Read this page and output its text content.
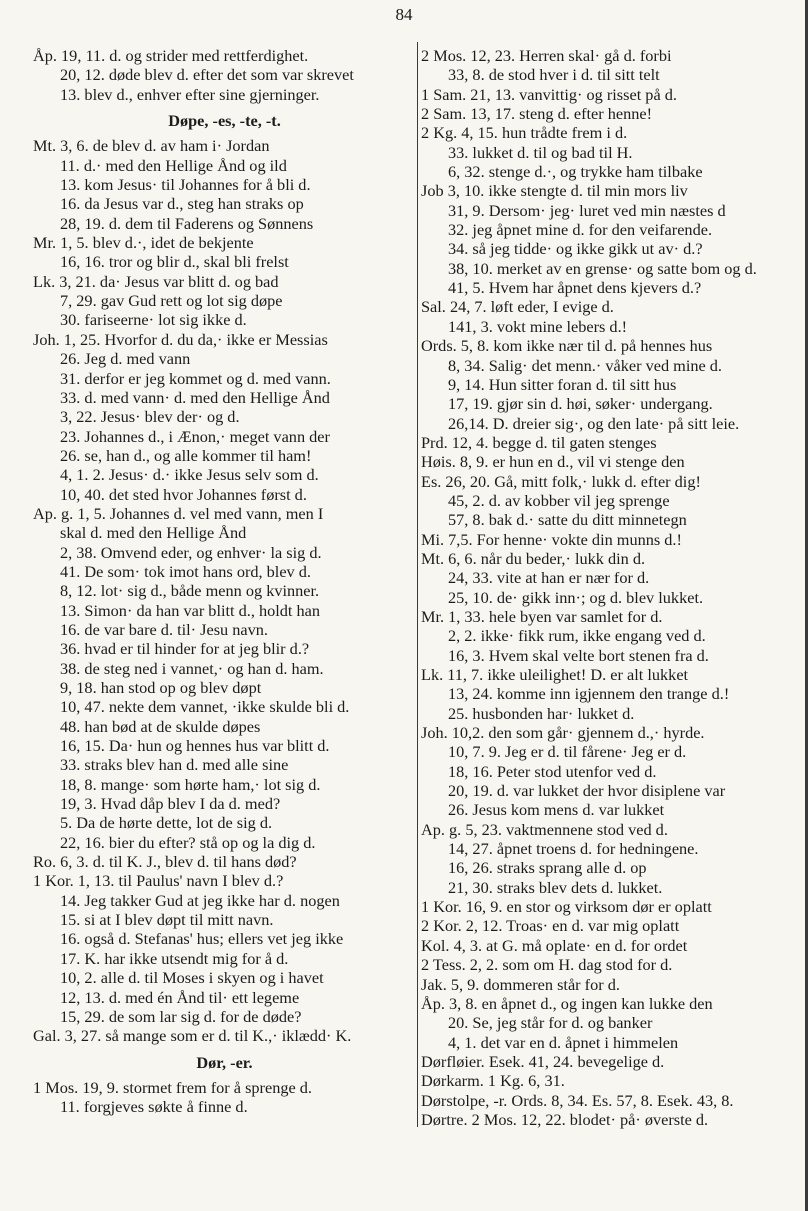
84
Åp. 19, 11. d. og strider med rettferdighet.
20, 12. døde blev d. efter det som var skrevet
13. blev d., enhver efter sine gjerninger.
Døpe, -es, -te, -t.
Mt. 3, 6. de blev d. av ham i· Jordan
11. d.· med den Hellige Ånd og ild
13. kom Jesus· til Johannes for å bli d.
16. da Jesus var d., steg han straks op
28, 19. d. dem til Faderens og Sønnens
Mr. 1, 5. blev d.·, idet de bekjente
16, 16. tror og blir d., skal bli frelst
Lk. 3, 21. da· Jesus var blitt d. og bad
7, 29. gav Gud rett og lot sig døpe
30. fariseerne· lot sig ikke d.
Joh. 1, 25. Hvorfor d. du da,· ikke er Messias
26. Jeg d. med vann
31. derfor er jeg kommet og d. med vann.
33. d. med vann· d. med den Hellige Ånd
3, 22. Jesus· blev der· og d.
23. Johannes d., i Ænon,· meget vann der
26. se, han d., og alle kommer til ham!
4, 1. 2. Jesus· d.· ikke Jesus selv som d.
10, 40. det sted hvor Johannes først d.
Ap. g. 1, 5. Johannes d. vel med vann, men I
skal d. med den Hellige Ånd
2, 38. Omvend eder, og enhver· la sig d.
41. De som· tok imot hans ord, blev d.
8, 12. lot· sig d., både menn og kvinner.
13. Simon· da han var blitt d., holdt han
16. de var bare d. til· Jesu navn.
36. hvad er til hinder for at jeg blir d.?
38. de steg ned i vannet,· og han d. ham.
9, 18. han stod op og blev døpt
10, 47. nekte dem vannet, ·ikke skulde bli d.
48. han bød at de skulde døpes
16, 15. Da· hun og hennes hus var blitt d.
33. straks blev han d. med alle sine
18, 8. mange· som hørte ham,· lot sig d.
19, 3. Hvad dåp blev I da d. med?
5. Da de hørte dette, lot de sig d.
22, 16. bier du efter? stå op og la dig d.
Ro. 6, 3. d. til K. J., blev d. til hans død?
1 Kor. 1, 13. til Paulus' navn I blev d.?
14. Jeg takker Gud at jeg ikke har d. nogen
15. si at I blev døpt til mitt navn.
16. også d. Stefanas' hus; ellers vet jeg ikke
17. K. har ikke utsendt mig for å d.
10, 2. alle d. til Moses i skyen og i havet
12, 13. d. med én Ånd til· ett legeme
15, 29. de som lar sig d. for de døde?
Gal. 3, 27. så mange som er d. til K.,· iklædd· K.
Dør, -er.
1 Mos. 19, 9. stormet frem for å sprenge d.
11. forgjeves søkte å finne d.
2 Mos. 12, 23. Herren skal· gå d. forbi
33, 8. de stod hver i d. til sitt telt
1 Sam. 21, 13. vanvittig· og risset på d.
2 Sam. 13, 17. steng d. efter henne!
2 Kg. 4, 15. hun trådte frem i d.
33. lukket d. til og bad til H.
6, 32. stenge d.·, og trykke ham tilbake
Job 3, 10. ikke stengte d. til min mors liv
31, 9. Dersom· jeg· luret ved min næstes d
32. jeg åpnet mine d. for den veifarende.
34. så jeg tidde· og ikke gikk ut av· d.?
38, 10. merket av en grense· og satte bom og d.
41, 5. Hvem har åpnet dens kjevers d.?
Sal. 24, 7. løft eder, I evige d.
141, 3. vokt mine lebers d.!
Ords. 5, 8. kom ikke nær til d. på hennes hus
8, 34. Salig· det menn.· våker ved mine d.
9, 14. Hun sitter foran d. til sitt hus
17, 19. gjør sin d. høi, søker· undergang.
26,14. D. dreier sig·, og den late· på sitt leie.
Prd. 12, 4. begge d. til gaten stenges
Høis. 8, 9. er hun en d., vil vi stenge den
Es. 26, 20. Gå, mitt folk,· lukk d. efter dig!
45, 2. d. av kobber vil jeg sprenge
57, 8. bak d.· satte du ditt minnetegn
Mi. 7,5. For henne· vokte din munns d.!
Mt. 6, 6. når du beder,· lukk din d.
24, 33. vite at han er nær for d.
25, 10. de· gikk inn·; og d. blev lukket.
Mr. 1, 33. hele byen var samlet for d.
2, 2. ikke· fikk rum, ikke engang ved d.
16, 3. Hvem skal velte bort stenen fra d.
Lk. 11, 7. ikke uleilighet! D. er alt lukket
13, 24. komme inn igjennem den trange d.!
25. husbonden har· lukket d.
Joh. 10,2. den som går· gjennem d.,· hyrde.
10, 7. 9. Jeg er d. til fårene· Jeg er d.
18, 16. Peter stod utenfor ved d.
20, 19. d. var lukket der hvor disiplene var
26. Jesus kom mens d. var lukket
Ap. g. 5, 23. vaktmennene stod ved d.
14, 27. åpnet troens d. for hedningene.
16, 26. straks sprang alle d. op
21, 30. straks blev dets d. lukket.
1 Kor. 16, 9. en stor og virksom dør er oplatt
2 Kor. 2, 12. Troas· en d. var mig oplatt
Kol. 4, 3. at G. må oplate· en d. for ordet
2 Tess. 2, 2. som om H. dag stod for d.
Jak. 5, 9. dommeren står for d.
Åp. 3, 8. en åpnet d., og ingen kan lukke den
20. Se, jeg står for d. og banker
4, 1. det var en d. åpnet i himmelen
Dørfløier. Esek. 41, 24. bevegelige d.
Dørkarm. 1 Kg. 6, 31.
Dørstolpe, -r. Ords. 8, 34. Es. 57, 8. Esek. 43, 8.
Dørtre. 2 Mos. 12, 22. blodet· på· øverste d.
